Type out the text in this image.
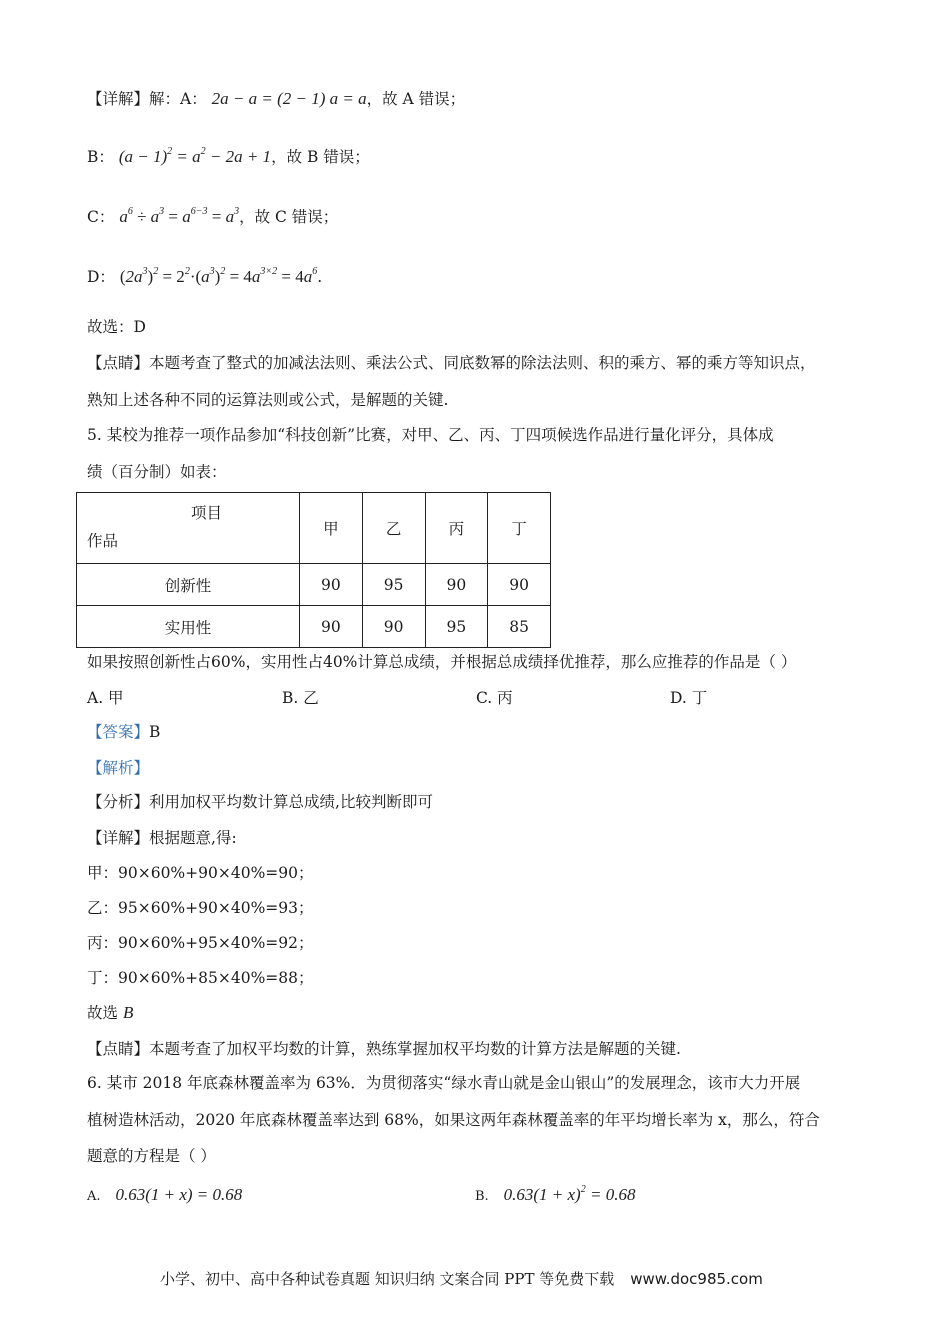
【详解】解：A： 2a − a = (2 − 1) a = a，故 A 错误；
B： $(a - 1)^2 = a^2 - 2a + 1$，故 B 错误；
C： $a^6 \div a^3 = a^{6-3} = a^3$，故 C 错误；
D： $(2a^3)^2 = 2^2\cdot(a^3)^2 = 4a^{3\times 2} = 4a^6$.
故选：D
【点睛】本题考查了整式的加减法法则、乘法公式、同底数幂的除法法则、积的乘方、幂的乘方等知识点，
熟知上述各种不同的运算法则或公式，是解题的关键.
5. 某校为推荐一项作品参加“科技创新”比赛，对甲、乙、丙、丁四项候选作品进行量化评分，具体成
绩（百分制）如表：
项目
作品	甲	乙	丙	丁
创新性	90	95	90	90
实用性	90	90	95	85
如果按照创新性占60%，实用性占40%计算总成绩，并根据总成绩择优推荐，那么应推荐的作品是（ ）
A. 甲	B. 乙	C. 丙	D. 丁
【答案】B
【解析】
【分析】利用加权平均数计算总成绩,比较判断即可
【详解】根据题意,得:
甲：90×60%+90×40%=90；
乙：95×60%+90×40%=93；
丙：90×60%+95×40%=92；
丁：90×60%+85×40%=88；
故选 B
【点睛】本题考查了加权平均数的计算，熟练掌握加权平均数的计算方法是解题的关键.
6. 某市 2018 年底森林覆盖率为 63%．为贯彻落实“绿水青山就是金山银山”的发展理念，该市大力开展
植树造林活动，2020 年底森林覆盖率达到 68%，如果这两年森林覆盖率的年平均增长率为 x，那么，符合
题意的方程是（ ）
A. 0.63(1 + x) = 0.68	B. $0.63(1 + x)^2 = 0.68$
小学、初中、高中各种试卷真题 知识归纳 文案合同 PPT 等免费下载 www.doc985.com
